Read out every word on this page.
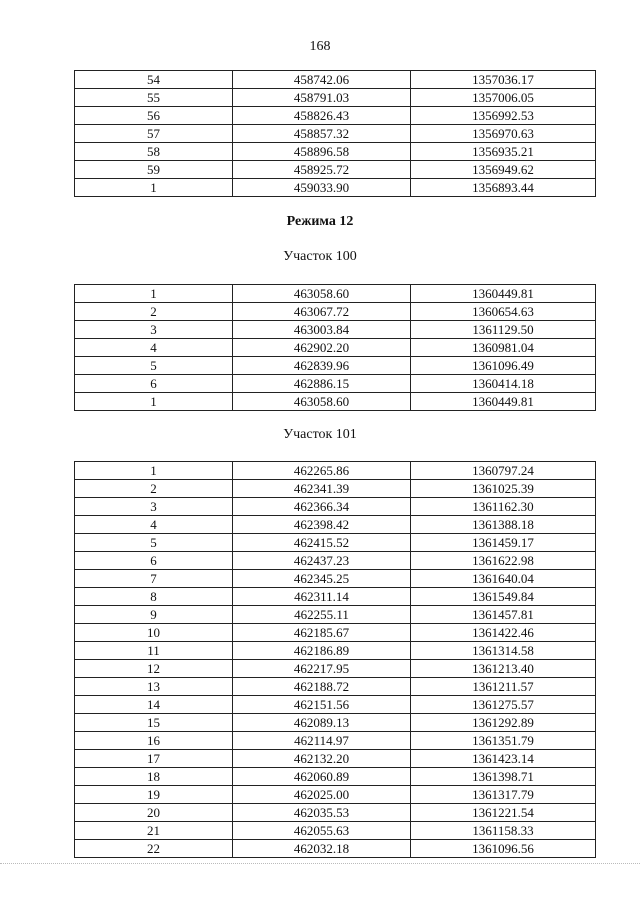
168
54	458742.06	1357036.17
55	458791.03	1357006.05
56	458826.43	1356992.53
57	458857.32	1356970.63
58	458896.58	1356935.21
59	458925.72	1356949.62
1	459033.90	1356893.44
Режима 12
Участок 100
1	463058.60	1360449.81
2	463067.72	1360654.63
3	463003.84	1361129.50
4	462902.20	1360981.04
5	462839.96	1361096.49
6	462886.15	1360414.18
1	463058.60	1360449.81
Участок 101
1	462265.86	1360797.24
2	462341.39	1361025.39
3	462366.34	1361162.30
4	462398.42	1361388.18
5	462415.52	1361459.17
6	462437.23	1361622.98
7	462345.25	1361640.04
8	462311.14	1361549.84
9	462255.11	1361457.81
10	462185.67	1361422.46
11	462186.89	1361314.58
12	462217.95	1361213.40
13	462188.72	1361211.57
14	462151.56	1361275.57
15	462089.13	1361292.89
16	462114.97	1361351.79
17	462132.20	1361423.14
18	462060.89	1361398.71
19	462025.00	1361317.79
20	462035.53	1361221.54
21	462055.63	1361158.33
22	462032.18	1361096.56
